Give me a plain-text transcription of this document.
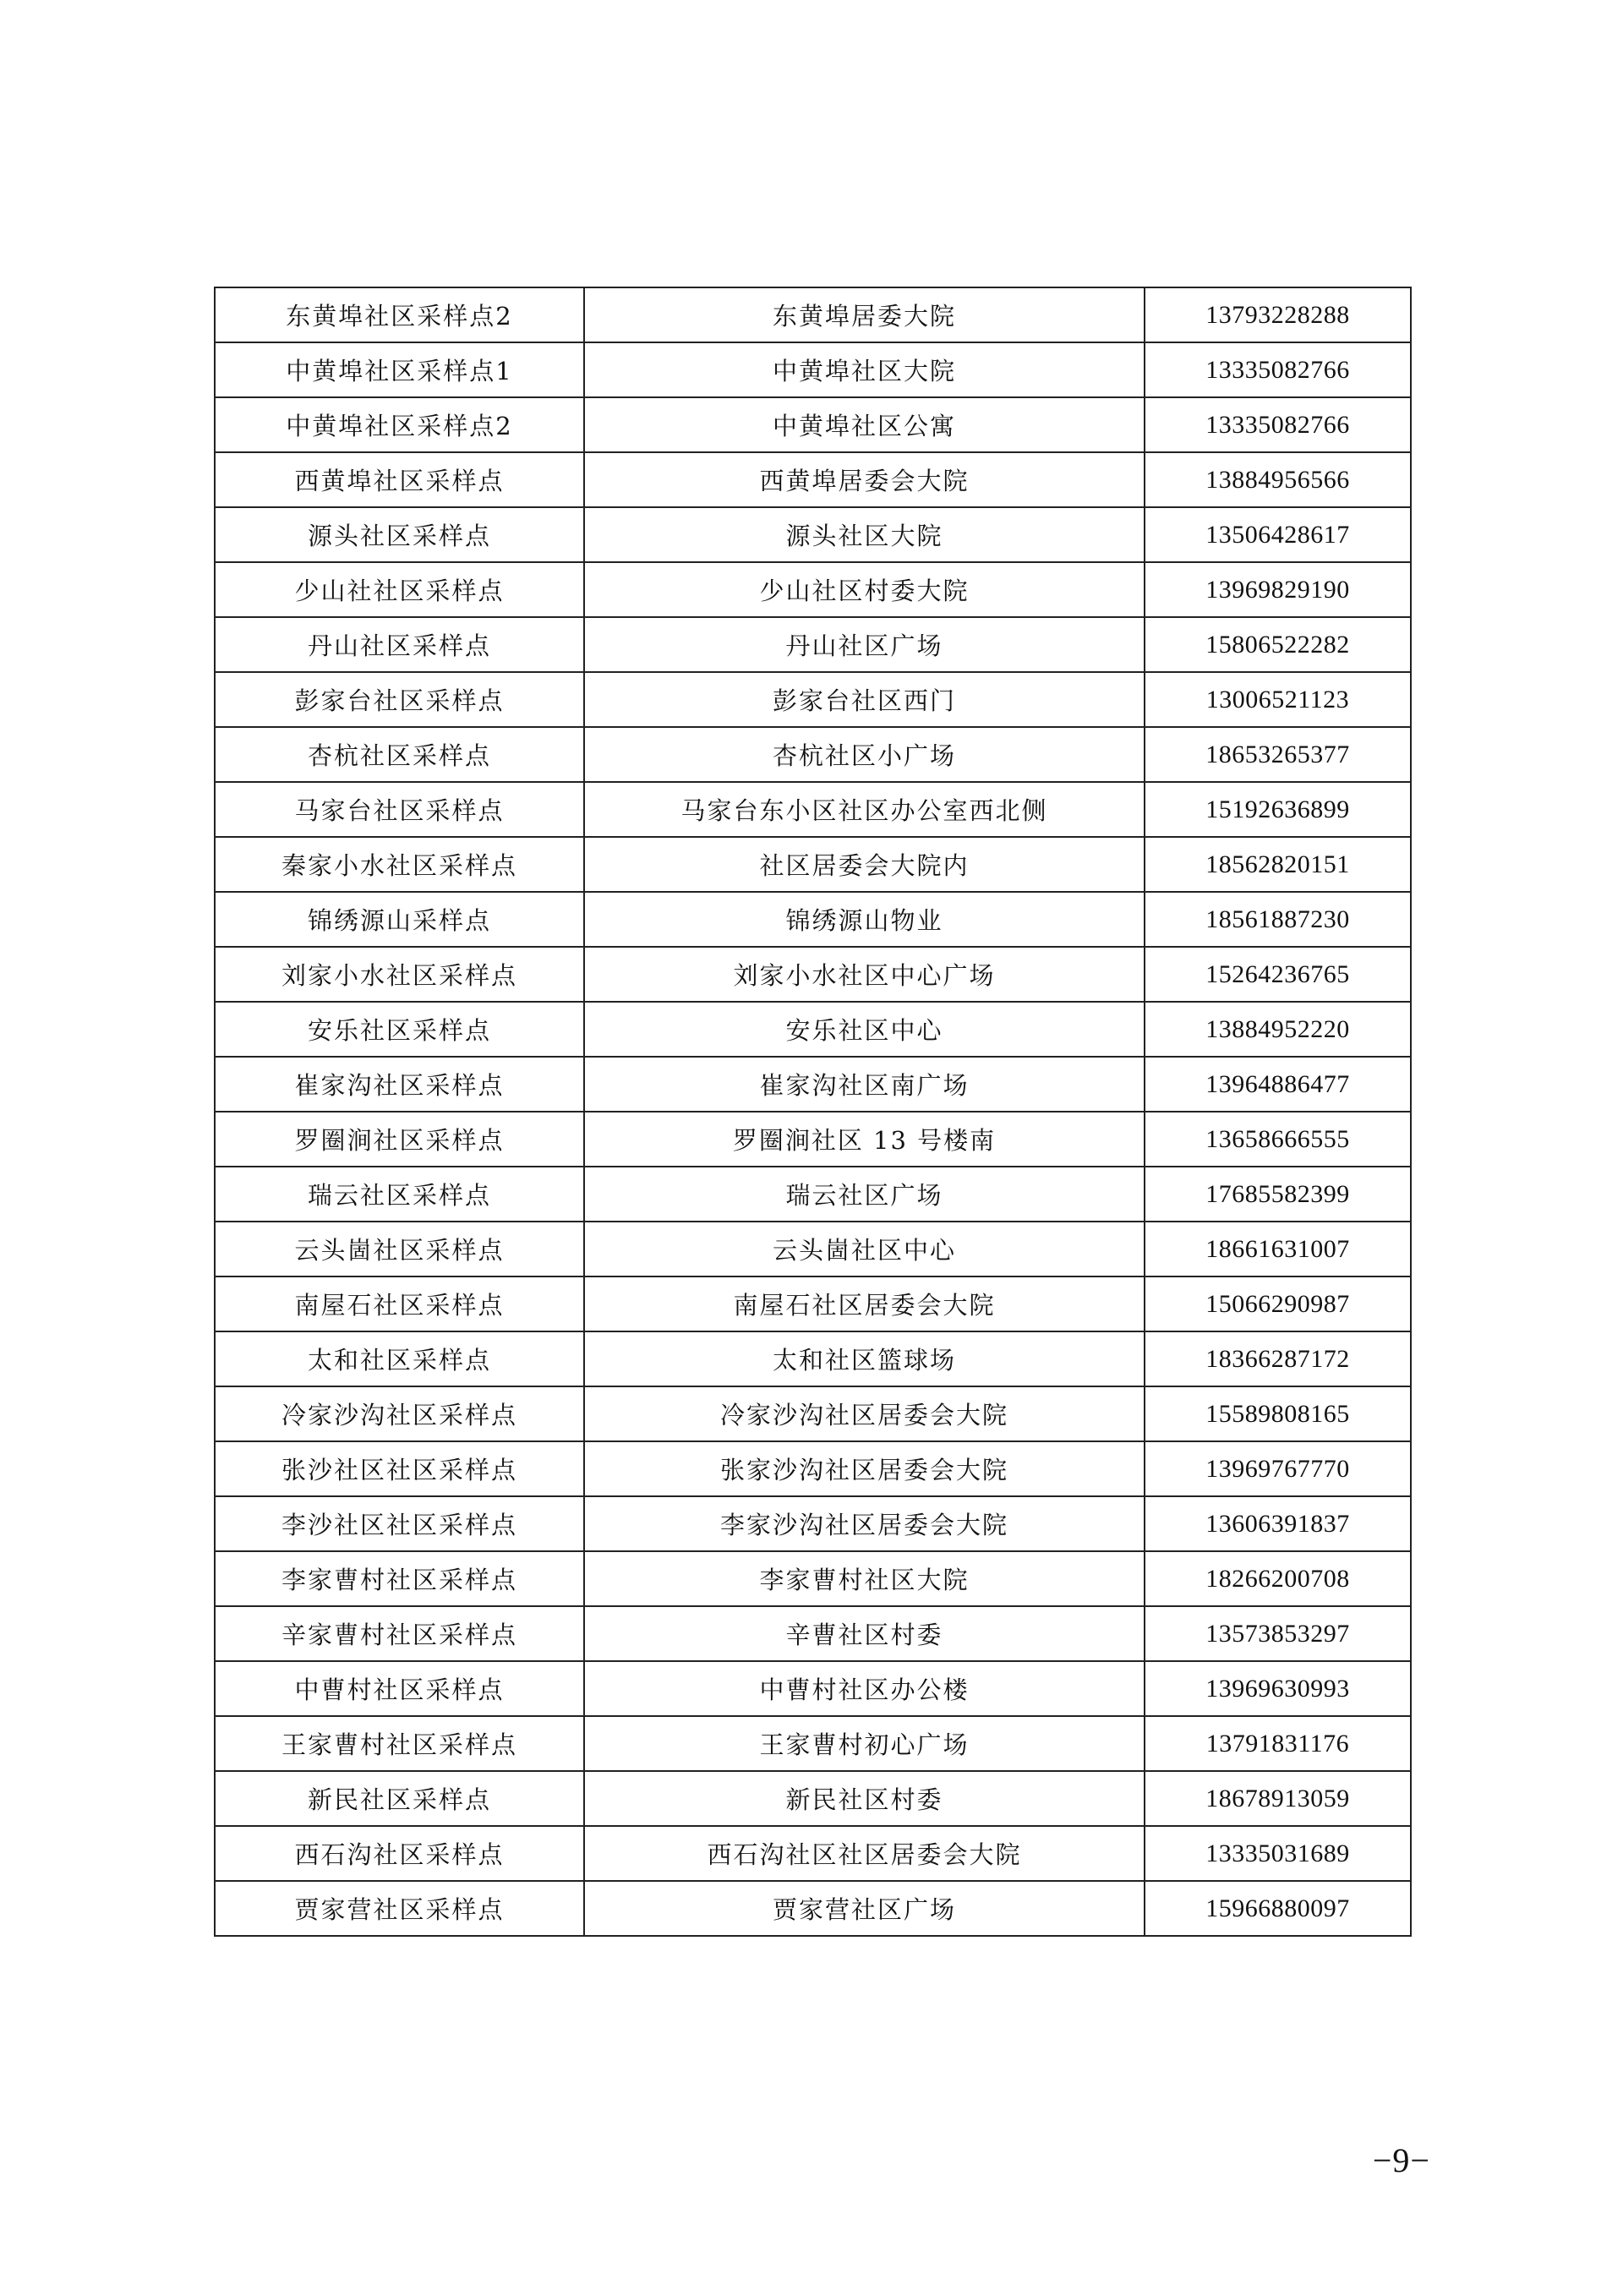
东黄埠社区采样点2	东黄埠居委大院	13793228288
中黄埠社区采样点1	中黄埠社区大院	13335082766
中黄埠社区采样点2	中黄埠社区公寓	13335082766
西黄埠社区采样点	西黄埠居委会大院	13884956566
源头社区采样点	源头社区大院	13506428617
少山社社区采样点	少山社区村委大院	13969829190
丹山社区采样点	丹山社区广场	15806522282
彭家台社区采样点	彭家台社区西门	13006521123
杏杭社区采样点	杏杭社区小广场	18653265377
马家台社区采样点	马家台东小区社区办公室西北侧	15192636899
秦家小水社区采样点	社区居委会大院内	18562820151
锦绣源山采样点	锦绣源山物业	18561887230
刘家小水社区采样点	刘家小水社区中心广场	15264236765
安乐社区采样点	安乐社区中心	13884952220
崔家沟社区采样点	崔家沟社区南广场	13964886477
罗圈涧社区采样点	罗圈涧社区 13 号楼南	13658666555
瑞云社区采样点	瑞云社区广场	17685582399
云头崮社区采样点	云头崮社区中心	18661631007
南屋石社区采样点	南屋石社区居委会大院	15066290987
太和社区采样点	太和社区篮球场	18366287172
冷家沙沟社区采样点	冷家沙沟社区居委会大院	15589808165
张沙社区社区采样点	张家沙沟社区居委会大院	13969767770
李沙社区社区采样点	李家沙沟社区居委会大院	13606391837
李家曹村社区采样点	李家曹村社区大院	18266200708
辛家曹村社区采样点	辛曹社区村委	13573853297
中曹村社区采样点	中曹村社区办公楼	13969630993
王家曹村社区采样点	王家曹村初心广场	13791831176
新民社区采样点	新民社区村委	18678913059
西石沟社区采样点	西石沟社区社区居委会大院	13335031689
贾家营社区采样点	贾家营社区广场	15966880097
−9−
